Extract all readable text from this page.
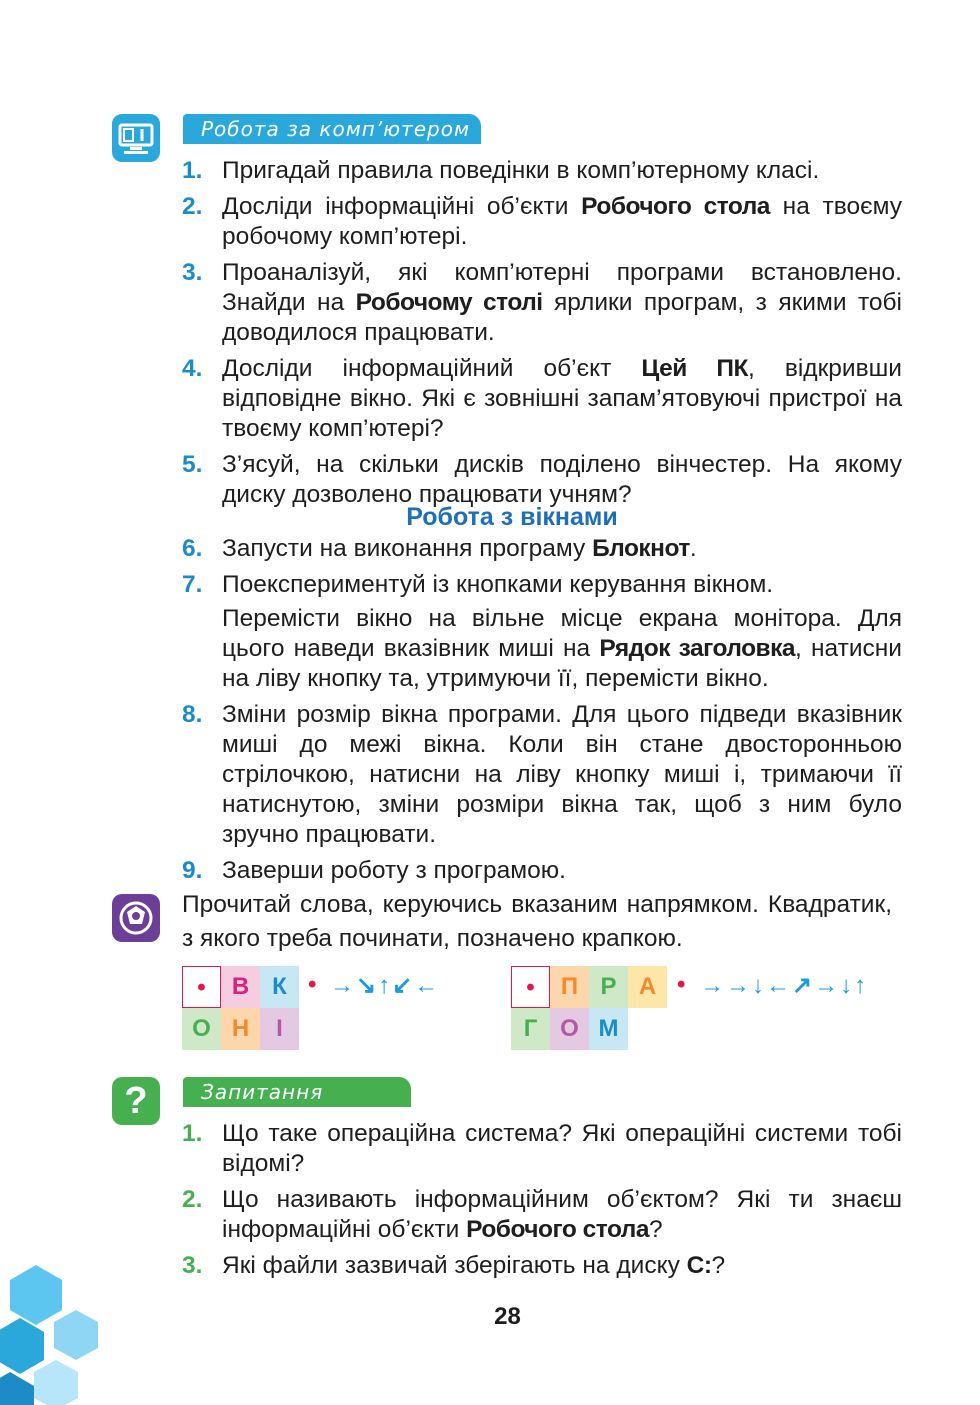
Робота за комп’ютером
1. Пригадай правила поведінки в комп’ютерному класі.
2. Досліди інформаційні об’єкти Робочого стола на твоєму робочому комп’ютері.
3. Проаналізуй, які комп’ютерні програми встановлено. Знайди на Робочому столі ярлики програм, з якими тобі доводилося працювати.
4. Досліди інформаційний об’єкт Цей ПК, відкривши відповідне вікно. Які є зовнішні запам’ятовуючі пристрої на твоєму комп’ютері?
5. З’ясуй, на скільки дисків поділено вінчестер. На якому диску дозволено працювати учням?
Робота з вікнами
6. Запусти на виконання програму Блокнот.
7. Поекспериментуй із кнопками керування вікном.
Перемісти вікно на вільне місце екрана монітора. Для цього наведи вказівник миші на Рядок заголовка, натисни на ліву кнопку та, утримуючи її, перемісти вікно.
8. Зміни розмір вікна програми. Для цього підведи вказівник миші до межі вікна. Коли він стане двосторонньою стрілочкою, натисни на ліву кнопку миші і, тримаючи її натиснутою, зміни розміри вікна так, щоб з ним було зручно працювати.
9. Заверши роботу з програмою.
Прочитай слова, керуючись вказаним напрямком. Квадратик, з якого треба починати, позначено крапкою.
•	В К
О Н	І
•	П Р А
Г О М
→↘↑↙←	→→↓←↗→↓↑
•	•
?	Запитання
1. Що таке операційна система? Які операційні системи тобі відомі?
2. Що називають інформаційним об’єктом? Які ти знаєш інформаційні об’єкти Робочого стола?
3. Які файли зазвичай зберігають на диску С:?
28
